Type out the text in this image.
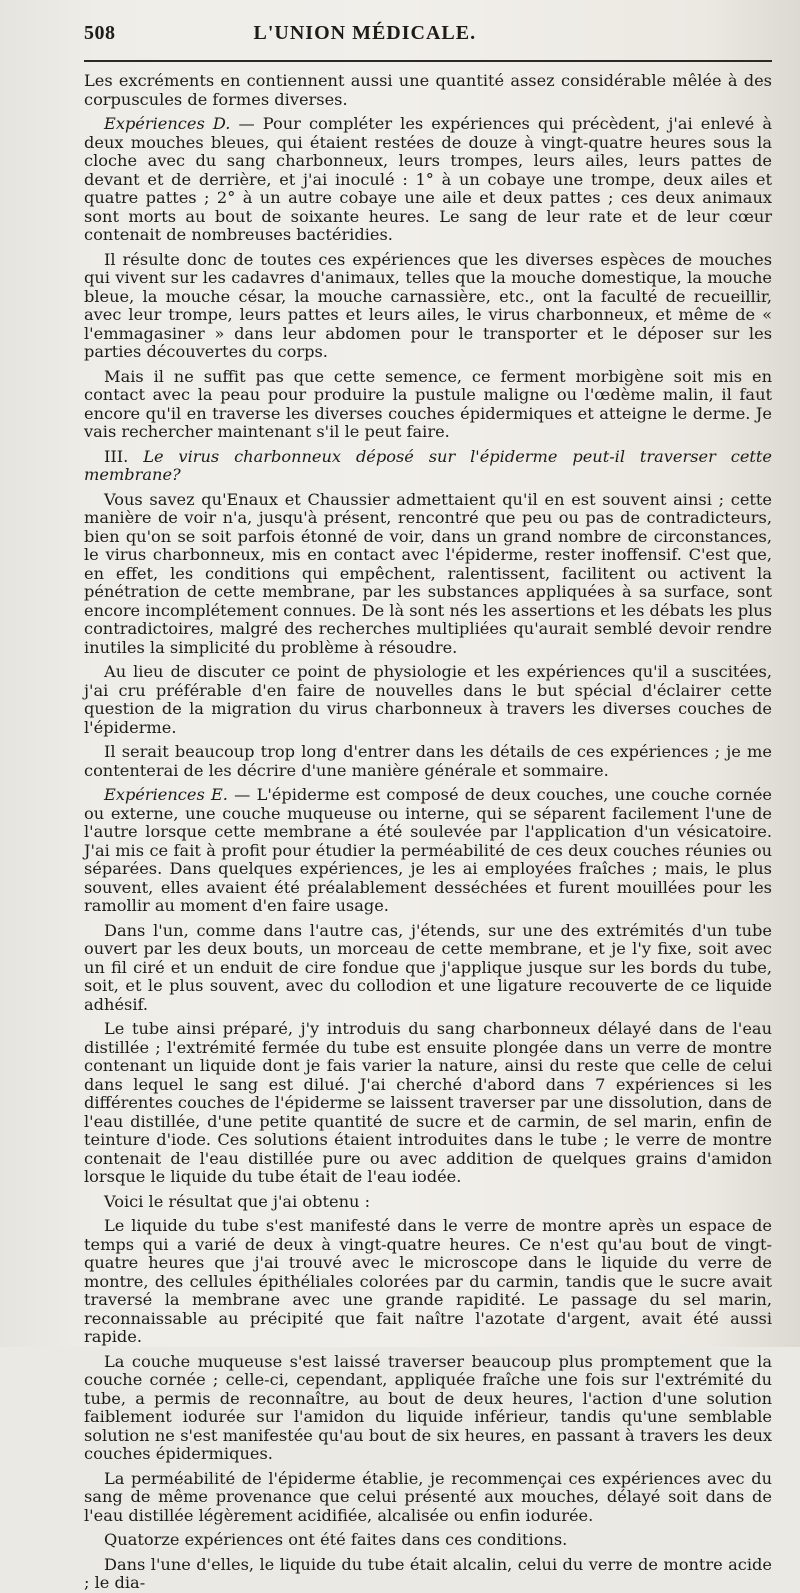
508	L'UNION MÉDICALE.

Les excréments en contiennent aussi une quantité assez considérable mêlée à des corpuscules de formes diverses.

Expériences D. — Pour compléter les expériences qui précèdent, j'ai enlevé à deux mouches bleues, qui étaient restées de douze à vingt-quatre heures sous la cloche avec du sang charbonneux, leurs trompes, leurs ailes, leurs pattes de devant et de derrière, et j'ai inoculé : 1° à un cobaye une trompe, deux ailes et quatre pattes ; 2° à un autre cobaye une aile et deux pattes ; ces deux animaux sont morts au bout de soixante heures. Le sang de leur rate et de leur cœur contenait de nombreuses bactéridies.

Il résulte donc de toutes ces expériences que les diverses espèces de mouches qui vivent sur les cadavres d'animaux, telles que la mouche domestique, la mouche bleue, la mouche césar, la mouche carnassière, etc., ont la faculté de recueillir, avec leur trompe, leurs pattes et leurs ailes, le virus charbonneux, et même de « l'emmagasiner » dans leur abdomen pour le transporter et le déposer sur les parties découvertes du corps.

Mais il ne suffit pas que cette semence, ce ferment morbigène soit mis en contact avec la peau pour produire la pustule maligne ou l'œdème malin, il faut encore qu'il en traverse les diverses couches épidermiques et atteigne le derme. Je vais rechercher maintenant s'il le peut faire.

III. Le virus charbonneux déposé sur l'épiderme peut-il traverser cette membrane?

Vous savez qu'Enaux et Chaussier admettaient qu'il en est souvent ainsi ; cette manière de voir n'a, jusqu'à présent, rencontré que peu ou pas de contradicteurs, bien qu'on se soit parfois étonné de voir, dans un grand nombre de circonstances, le virus charbonneux, mis en contact avec l'épiderme, rester inoffensif. C'est que, en effet, les conditions qui empêchent, ralentissent, facilitent ou activent la pénétration de cette membrane, par les substances appliquées à sa surface, sont encore incomplétement connues. De là sont nés les assertions et les débats les plus contradictoires, malgré des recherches multipliées qu'aurait semblé devoir rendre inutiles la simplicité du problème à résoudre.

Au lieu de discuter ce point de physiologie et les expériences qu'il a suscitées, j'ai cru préférable d'en faire de nouvelles dans le but spécial d'éclairer cette question de la migration du virus charbonneux à travers les diverses couches de l'épiderme.

Il serait beaucoup trop long d'entrer dans les détails de ces expériences ; je me contenterai de les décrire d'une manière générale et sommaire.

Expériences E. — L'épiderme est composé de deux couches, une couche cornée ou externe, une couche muqueuse ou interne, qui se séparent facilement l'une de l'autre lorsque cette membrane a été soulevée par l'application d'un vésicatoire. J'ai mis ce fait à profit pour étudier la perméabilité de ces deux couches réunies ou séparées. Dans quelques expériences, je les ai employées fraîches ; mais, le plus souvent, elles avaient été préalablement desséchées et furent mouillées pour les ramollir au moment d'en faire usage.

Dans l'un, comme dans l'autre cas, j'étends, sur une des extrémités d'un tube ouvert par les deux bouts, un morceau de cette membrane, et je l'y fixe, soit avec un fil ciré et un enduit de cire fondue que j'applique jusque sur les bords du tube, soit, et le plus souvent, avec du collodion et une ligature recouverte de ce liquide adhésif.

Le tube ainsi préparé, j'y introduis du sang charbonneux délayé dans de l'eau distillée ; l'extrémité fermée du tube est ensuite plongée dans un verre de montre contenant un liquide dont je fais varier la nature, ainsi du reste que celle de celui dans lequel le sang est dilué. J'ai cherché d'abord dans 7 expériences si les différentes couches de l'épiderme se laissent traverser par une dissolution, dans de l'eau distillée, d'une petite quantité de sucre et de carmin, de sel marin, enfin de teinture d'iode. Ces solutions étaient introduites dans le tube ; le verre de montre contenait de l'eau distillée pure ou avec addition de quelques grains d'amidon lorsque le liquide du tube était de l'eau iodée.

Voici le résultat que j'ai obtenu :

Le liquide du tube s'est manifesté dans le verre de montre après un espace de temps qui a varié de deux à vingt-quatre heures. Ce n'est qu'au bout de vingt-quatre heures que j'ai trouvé avec le microscope dans le liquide du verre de montre, des cellules épithéliales colorées par du carmin, tandis que le sucre avait traversé la membrane avec une grande rapidité. Le passage du sel marin, reconnaissable au précipité que fait naître l'azotate d'argent, avait été aussi rapide.

La couche muqueuse s'est laissé traverser beaucoup plus promptement que la couche cornée ; celle-ci, cependant, appliquée fraîche une fois sur l'extrémité du tube, a permis de reconnaître, au bout de deux heures, l'action d'une solution faiblement iodurée sur l'amidon du liquide inférieur, tandis qu'une semblable solution ne s'est manifestée qu'au bout de six heures, en passant à travers les deux couches épidermiques.

La perméabilité de l'épiderme établie, je recommençai ces expériences avec du sang de même provenance que celui présenté aux mouches, délayé soit dans de l'eau distillée légèrement acidifiée, alcalisée ou enfin iodurée.

Quatorze expériences ont été faites dans ces conditions.

Dans l'une d'elles, le liquide du tube était alcalin, celui du verre de montre acide ; le dia-
